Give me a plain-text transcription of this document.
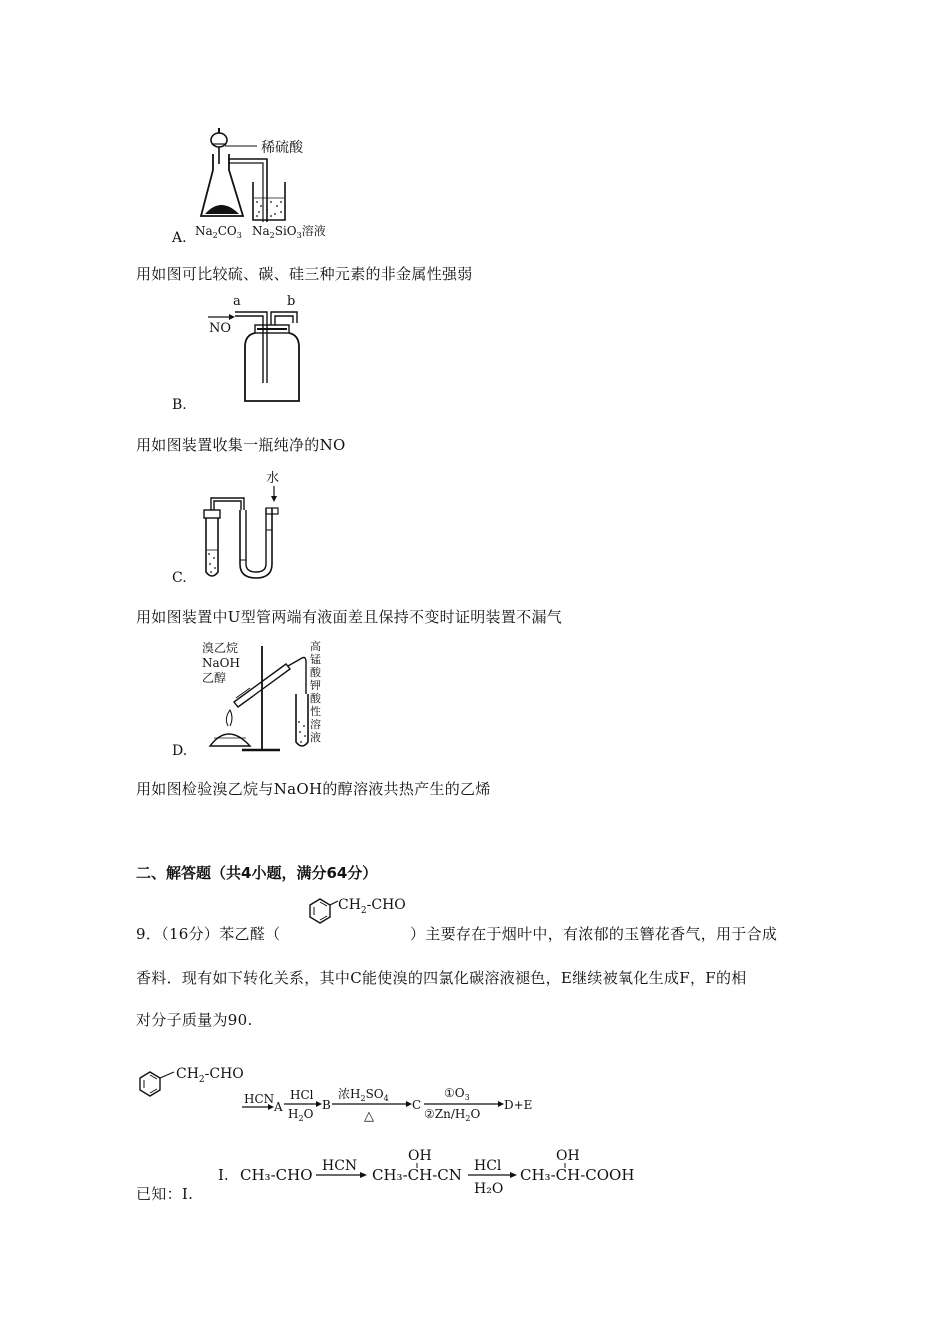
稀硫酸
$Na_2CO_3$ $Na_2SiO_3$溶液
A.
用如图可比较硫、碳、硅三种元素的非金属性强弱
a	b
NO
B.
用如图装置收集一瓶纯净的NO
水
C.
用如图装置中U型管两端有液面差且保持不变时证明装置不漏气
溴乙烷
NaOH
乙醇
高
锰
酸
钾
酸
性
溶
液
D.
用如图检验溴乙烷与NaOH的醇溶液共热产生的乙烯
二、解答题（共4小题，满分64分）
9．（16分）苯乙醛（
$CH_2$-CHO
）主要存在于烟叶中，有浓郁的玉簪花香气，用于合成
香料．现有如下转化关系，其中C能使溴的四氯化碳溶液褪色，E继续被氧化生成F，F的相
对分子质量为90.
$CH_2$-CHO
HCN
A
HCl
$H_2O$
B
浓$H_2SO_4$
△
C
$①O_3$
②Zn/$H_2O$
D+E
已知：Ⅰ.
I. CH₃-CHO HCN
OH
CH₃-CH-CN HCl
H₂O
OH
CH₃-CH-COOH
